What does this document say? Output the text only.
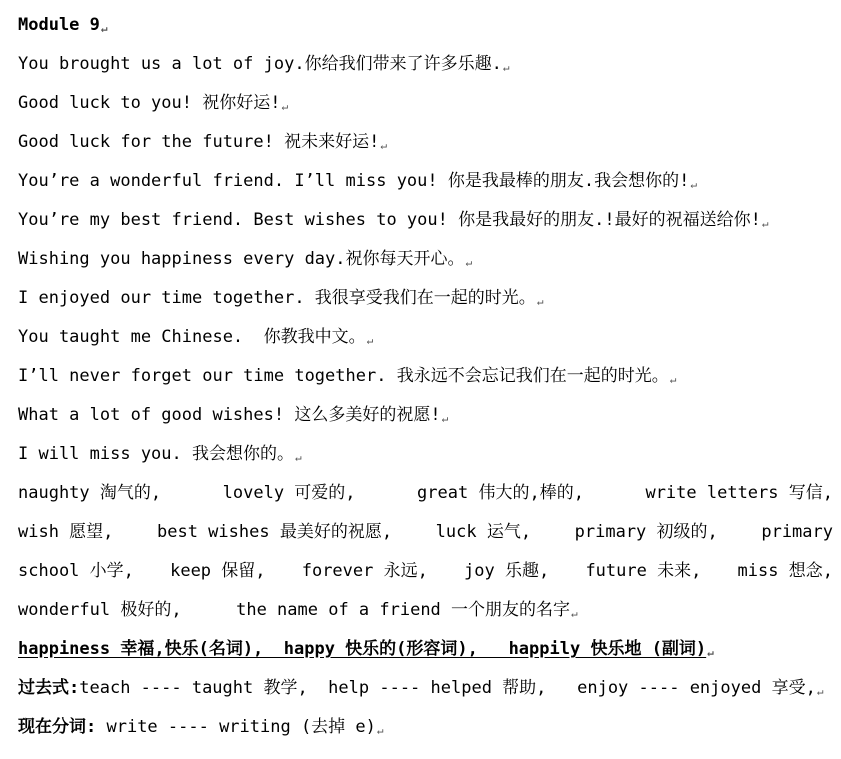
Module 9↵
You brought us a lot of joy.你给我们带来了许多乐趣.↵
Good luck to you! 祝你好运!↵
Good luck for the future! 祝未来好运!↵
You’re a wonderful friend. I’ll miss you! 你是我最棒的朋友.我会想你的!↵
You’re my best friend. Best wishes to you! 你是我最好的朋友.!最好的祝福送给你!↵
Wishing you happiness every day.祝你每天开心。↵
I enjoyed our time together. 我很享受我们在一起的时光。↵
You taught me Chinese.  你教我中文。↵
I’ll never forget our time together. 我永远不会忘记我们在一起的时光。↵
What a lot of good wishes! 这么多美好的祝愿!↵
I will miss you. 我会想你的。↵
naughty 淘气的,	lovely 可爱的,	great 伟大的,棒的,	write letters 写信,
wish 愿望,	best wishes 最美好的祝愿,	luck 运气,	primary 初级的,	primary
school 小学, keep 保留, forever 永远, joy 乐趣, future 未来, miss 想念,
wonderful 极好的,	the name of a friend 一个朋友的名字↵
happiness 幸福,快乐(名词),  happy 快乐的(形容词),   happily 快乐地 (副词)↵
过去式:teach ---- taught 教学,  help ---- helped 帮助,   enjoy ---- enjoyed 享受,↵
现在分词: write ---- writing (去掉 e)↵
